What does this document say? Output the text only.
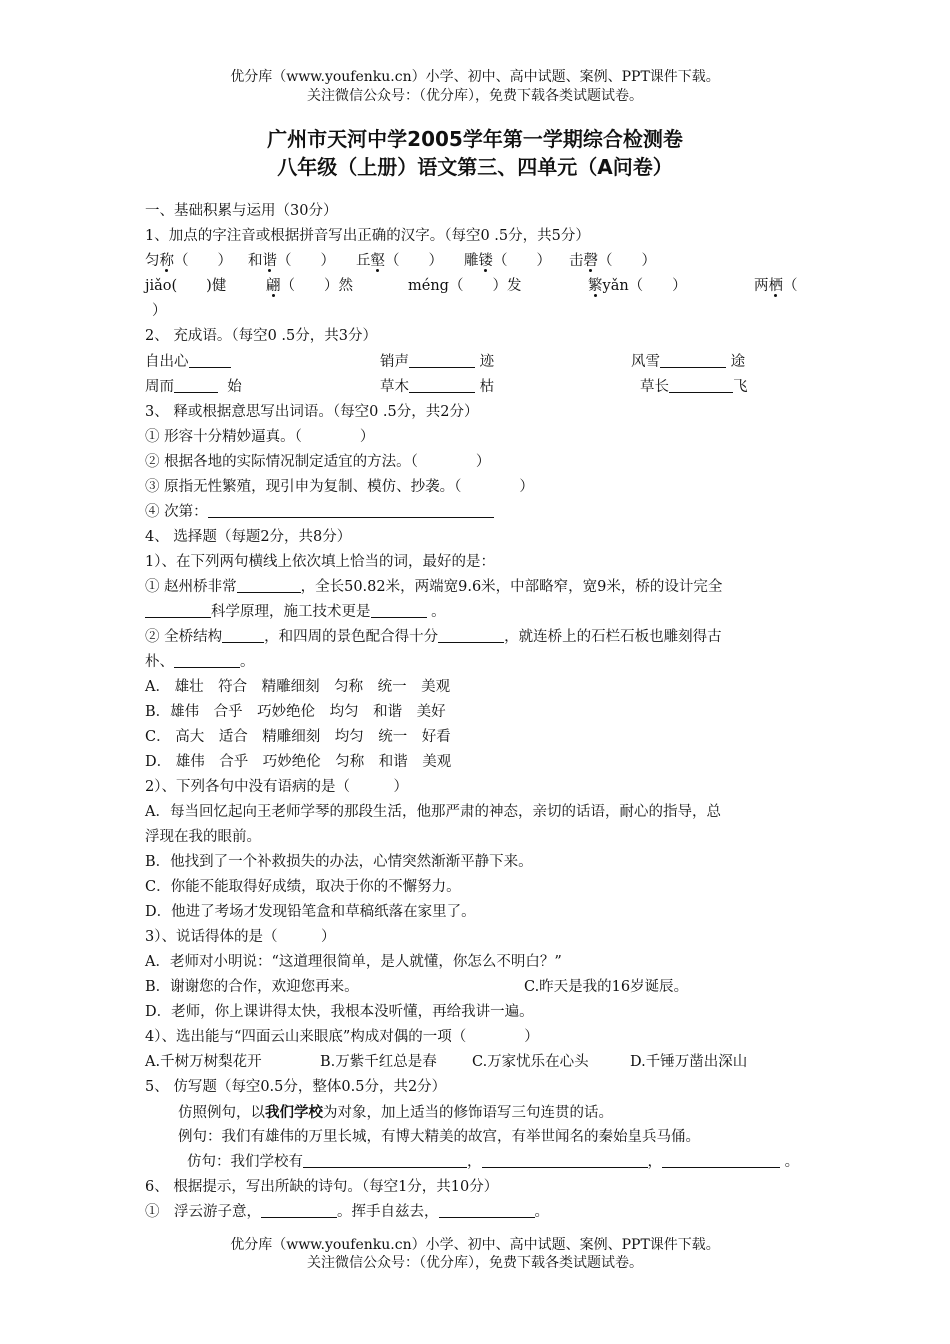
优分库（www.youfenku.cn）小学、初中、高中试题、案例、PPT课件下载。
关注微信公众号：（优分库），免费下载各类试题试卷。
广州市天河中学2005学年第一学期综合检测卷
八年级（上册）语文第三、四单元（A问卷）
一、基础积累与运用（30分）
1、加点的字注音或根据拼音写出正确的汉字。（每空0 .5分，共5分）
匀称（　　） 和谐（　　） 丘壑（　　） 雕镂（　　） 击磬（　　）
jiǎo(　　)健	翩（　　）然	méng（　　）发	繁yǎn（　　）	两栖（
）
2、 充成语。（每空0 .5分，共3分）
自出心	销声	迹	风雪	途
周而	始	草木	枯	草长	飞
3、 释或根据意思写出词语。（每空0 .5分，共2分）
① 形容十分精妙逼真。（　　　　）
② 根据各地的实际情况制定适宜的方法。（　　　　）
③ 原指无性繁殖，现引申为复制、模仿、抄袭。（　　　　）
④ 次第：
4、 选择题（每题2分，共8分）
1）、在下列两句横线上依次填上恰当的词，最好的是：
① 赵州桥非常	，全长50.82米，两端宽9.6米，中部略窄，宽9米，桥的设计完全
科学原理，施工技术更是	。
② 全桥结构	，和四周的景色配合得十分	，就连桥上的石栏石板也雕刻得古
朴、	。
A． 雄壮　符合　精雕细刻　匀称　统一　美观
B．雄伟　合乎　巧妙绝伦　均匀　和谐　美好
C． 高大　适合　精雕细刻　均匀　统一　好看
D． 雄伟　合乎　巧妙绝伦　匀称　和谐　美观
2）、下列各句中没有语病的是（　　　）
A．每当回忆起向王老师学琴的那段生活，他那严肃的神态，亲切的话语，耐心的指导，总
浮现在我的眼前。
B．他找到了一个补救损失的办法，心情突然渐渐平静下来。
C．你能不能取得好成绩，取决于你的不懈努力。
D．他进了考场才发现铅笔盒和草稿纸落在家里了。
3）、说话得体的是（　　　）
A．老师对小明说：“这道理很简单，是人就懂，你怎么不明白？”
B．谢谢您的合作，欢迎您再来。	C.昨天是我的16岁诞辰。
D．老师，你上课讲得太快，我根本没听懂，再给我讲一遍。
4）、选出能与“四面云山来眼底”构成对偶的一项（　　　　）
A.千树万树梨花开	B.万紫千红总是春 C.万家忧乐在心头	D.千锤万凿出深山
5、 仿写题（每空0.5分，整体0.5分，共2分）
仿照例句，以我们学校为对象，加上适当的修饰语写三句连贯的话。
例句：我们有雄伟的万里长城，有博大精美的故宫，有举世闻名的秦始皇兵马俑。
仿句：我们学校有	，	，	。
6、 根据提示，写出所缺的诗句。（每空1分，共10分）
①　浮云游子意，	。挥手自兹去，	。
优分库（www.youfenku.cn）小学、初中、高中试题、案例、PPT课件下载。
关注微信公众号：（优分库），免费下载各类试题试卷。
